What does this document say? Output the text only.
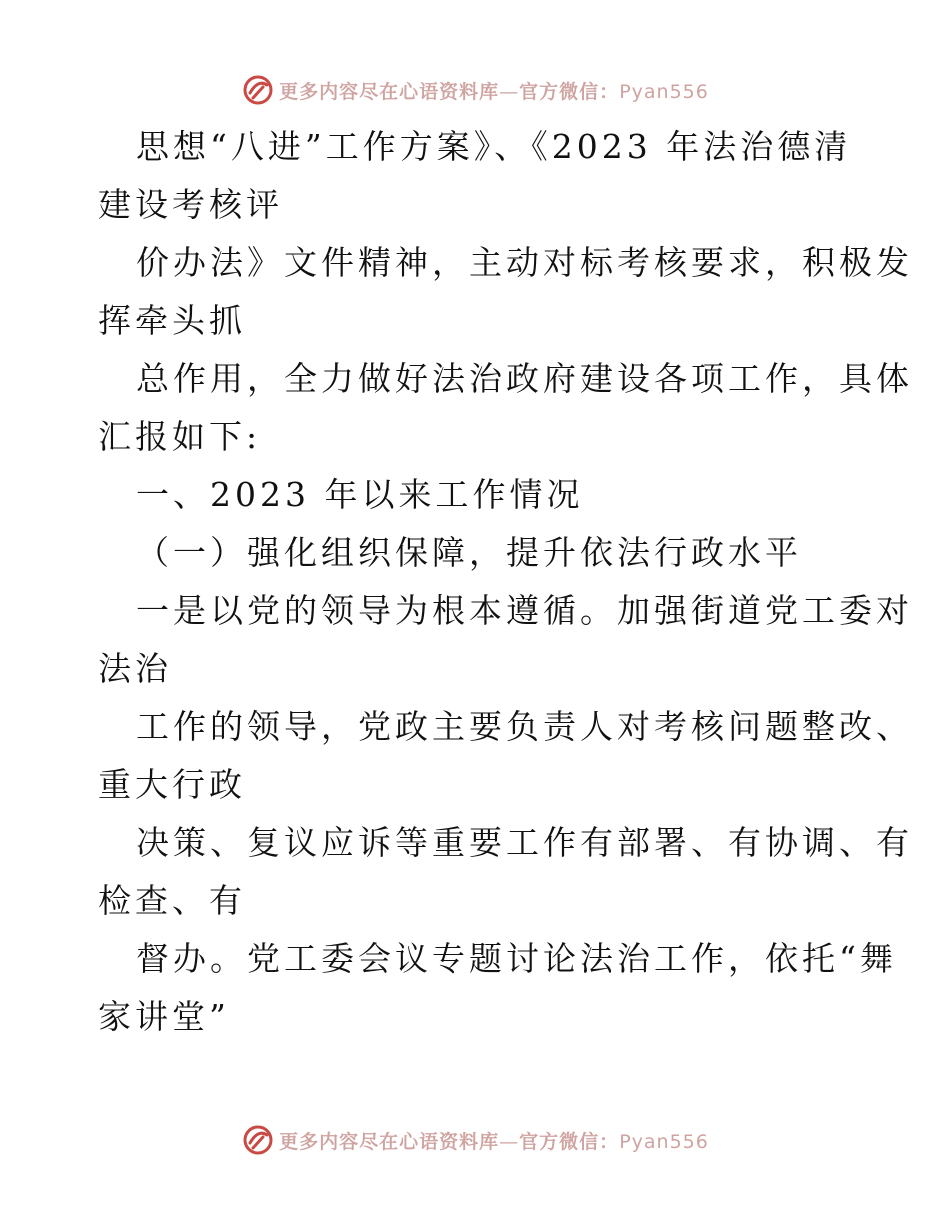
更多内容尽在心语资料库—官方微信：Pyan556
思想“八进”工作方案》、《2023 年法治德清
建设考核评
价办法》文件精神，主动对标考核要求，积极发
挥牵头抓
总作用，全力做好法治政府建设各项工作，具体
汇报如下:
一、2023 年以来工作情况
（一）强化组织保障，提升依法行政水平
一是以党的领导为根本遵循。加强街道党工委对
法治
工作的领导，党政主要负责人对考核问题整改、
重大行政
决策、复议应诉等重要工作有部署、有协调、有
检查、有
督办。党工委会议专题讨论法治工作，依托“舞
家讲堂”
更多内容尽在心语资料库—官方微信：Pyan556
